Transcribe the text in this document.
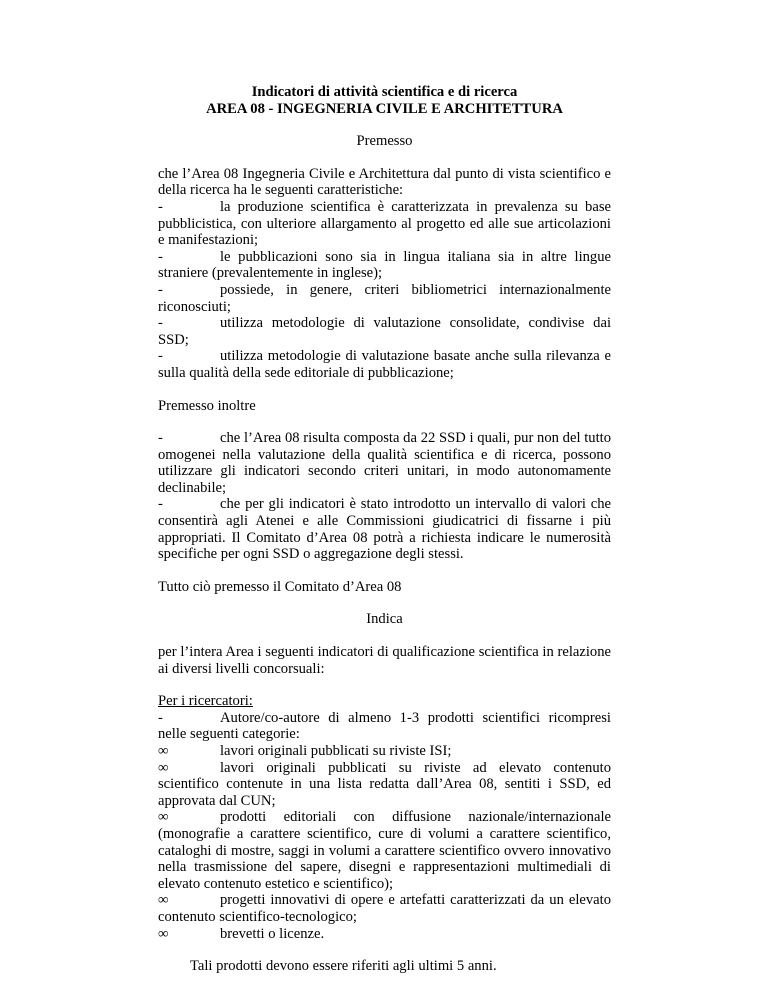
Indicatori di attività scientifica e di ricerca

AREA 08 - INGEGNERIA CIVILE E ARCHITETTURA

Premesso

che l’Area 08 Ingegneria Civile e Architettura dal punto di vista scientifico e della ricerca ha le seguenti caratteristiche:

-	la produzione scientifica è caratterizzata in prevalenza su base pubblicistica, con ulteriore allargamento al progetto ed alle sue articolazioni e manifestazioni;

-	le pubblicazioni sono sia in lingua italiana sia in altre lingue straniere (prevalentemente in inglese);

-	possiede, in genere, criteri bibliometrici internazionalmente riconosciuti;

-	utilizza metodologie di valutazione consolidate, condivise dai SSD;

-	utilizza metodologie di valutazione basate anche sulla rilevanza e sulla qualità della sede editoriale di pubblicazione;

Premesso inoltre

-	che l’Area 08 risulta composta da 22 SSD i quali, pur non del tutto omogenei nella valutazione della qualità scientifica e di ricerca, possono utilizzare gli indicatori secondo criteri unitari, in modo autonomamente declinabile;

-	che per gli indicatori è stato introdotto un intervallo di valori che consentirà agli Atenei e alle Commissioni giudicatrici di fissarne i più appropriati. Il Comitato d’Area 08 potrà a richiesta indicare le numerosità specifiche per ogni SSD o aggregazione degli stessi.

Tutto ciò premesso il Comitato d’Area 08

Indica

per l’intera Area i seguenti indicatori di qualificazione scientifica in relazione ai diversi livelli concorsuali:

Per i ricercatori:

-	Autore/co-autore di almeno 1-3 prodotti scientifici ricompresi nelle seguenti categorie:

∞	lavori originali pubblicati su riviste ISI;

∞	lavori originali pubblicati su riviste ad elevato contenuto scientifico contenute in una lista redatta dall’Area 08, sentiti i SSD, ed approvata dal CUN;

∞	prodotti editoriali con diffusione nazionale/internazionale (monografie a carattere scientifico, cure di volumi a carattere scientifico, cataloghi di mostre, saggi in volumi a carattere scientifico ovvero innovativo nella trasmissione del sapere, disegni e rappresentazioni multimediali di elevato contenuto estetico e scientifico);

∞	progetti innovativi di opere e artefatti caratterizzati da un elevato contenuto scientifico-tecnologico;

∞	brevetti o licenze.

Tali prodotti devono essere riferiti agli ultimi 5 anni.
